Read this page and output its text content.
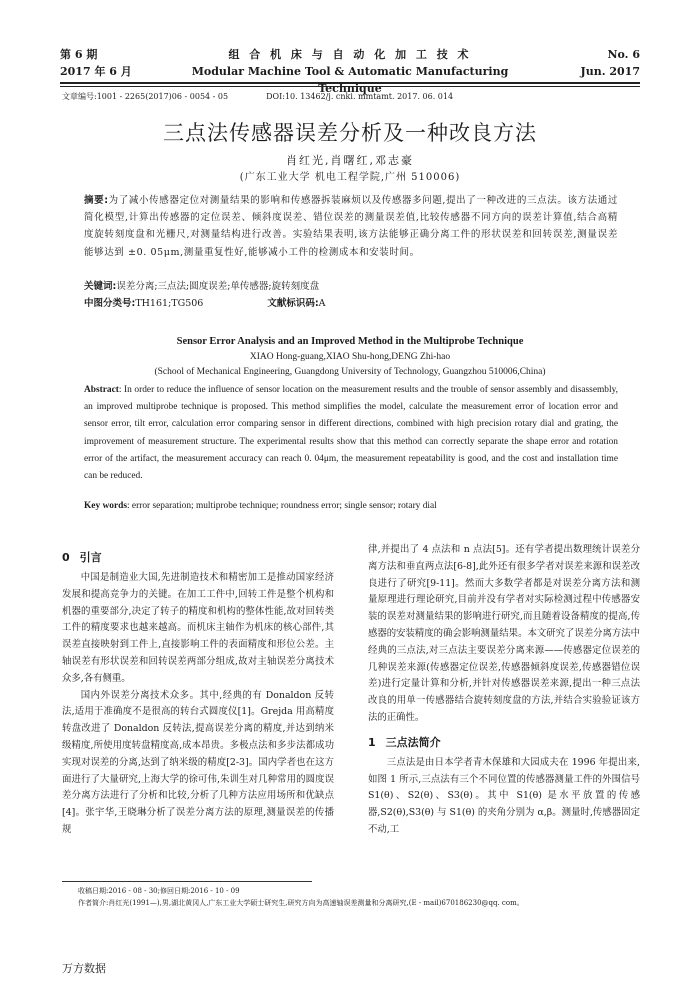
第 6 期
2017 年 6 月
组 合 机 床 与 自 动 化 加 工 技 术
Modular Machine Tool & Automatic Manufacturing Technique
No. 6
Jun. 2017
文章编号:1001 - 2265(2017)06 - 0054 - 05	DOI:10. 13462/j. cnki. mmtamt. 2017. 06. 014
三点法传感器误差分析及一种改良方法
肖红光,肖曙红,邓志豪
(广东工业大学 机电工程学院,广州 510006)
摘要:为了减小传感器定位对测量结果的影响和传感器拆装麻烦以及传感器多问题,提出了一种改进的三点法。该方法通过简化模型,计算出传感器的定位误差、倾斜度误差、错位误差的测量误差值,比较传感器不同方向的误差计算值,结合高精度旋转刻度盘和光栅尺,对测量结构进行改善。实验结果表明,该方法能够正确分离工件的形状误差和回转误差,测量误差能够达到 ±0. 05μm,测量重复性好,能够减小工件的检测成本和安装时间。
关键词:误差分离;三点法;圆度误差;单传感器;旋转刻度盘
中图分类号:TH161;TG506	文献标识码:A
Sensor Error Analysis and an Improved Method in the Multiprobe Technique
XIAO Hong-guang,XIAO Shu-hong,DENG Zhi-hao
(School of Mechanical Engineering, Guangdong University of Technology, Guangzhou 510006,China)
Abstract: In order to reduce the influence of sensor location on the measurement results and the trouble of sensor assembly and disassembly, an improved multiprobe technique is proposed. This method simplifies the model, calculate the measurement error of location error and sensor error, tilt error, calculation error comparing sensor in different directions, combined with high precision rotary dial and grating, the improvement of measurement structure. The experimental results show that this method can correctly separate the shape error and rotation error of the artifact, the measurement accuracy can reach 0. 04μm, the measurement repeatability is good, and the cost and installation time can be reduced.
Key words: error separation; multiprobe technique; roundness error; single sensor; rotary dial
0 引言

中国是制造业大国,先进制造技术和精密加工是推动国家经济发展和提高竞争力的关键。在加工工件中,回转工件是整个机构和机器的重要部分,决定了转子的精度和机构的整体性能,故对回转类工件的精度要求也越来越高。而机床主轴作为机床的核心部件,其误差直接映射到工件上,直接影响工件的表面精度和形位公差。主轴误差有形状误差和回转误差两部分组成,故对主轴误差分离技术众多,各有侧重。

国内外误差分离技术众多。其中,经典的有 Donaldon 反转法,适用于准确度不是很高的转台式圆度仪[1]。Grejda 用高精度转盘改进了 Donaldon 反转法,提高误差分离的精度,并达到纳米级精度,所使用度转盘精度高,成本昂贵。多极点法和多步法都成功实现对误差的分离,达到了纳米级的精度[2-3]。国内学者也在这方面进行了大量研究,上海大学的徐可伟,朱训生对几种常用的圆度误差分离方法进行了分析和比较,分析了几种方法应用场所和优缺点[4]。张宇华,王晓琳分析了误差分离方法的原理,测量误差的传播规

律,并提出了 4 点法和 n 点法[5]。还有学者提出数理统计误差分离方法和垂直两点法[6-8],此外还有很多学者对误差来源和误差改良进行了研究[9-11]。然而大多数学者都是对误差分离方法和测量原理进行理论研究,目前并没有学者对实际检测过程中传感器安装的误差对测量结果的影响进行研究,而且随着设备精度的提高,传感器的安装精度的确会影响测量结果。本文研究了误差分离方法中经典的三点法,对三点法主要误差分离来源——传感器定位误差的几种误差来源(传感器定位误差,传感器倾斜度误差,传感器错位误差)进行定量计算和分析,并针对传感器误差来源,提出一种三点法改良的用单一传感器结合旋转刻度盘的方法,并结合实验验证该方法的正确性。

1 三点法简介

三点法是由日本学者青木保雄和大园成夫在 1996 年提出来,如图 1 所示,三点法有三个不同位置的传感器测量工件的外围信号 S1(θ)、S2(θ)、S3(θ)。其中 S1(θ) 是水平放置的传感器,S2(θ),S3(θ) 与 S1(θ) 的夹角分别为 α,β。测量时,传感器固定不动,工

收稿日期:2016 - 08 - 30;修回日期:2016 - 10 - 09
作者简介:肖红光(1991—),男,湖北黄冈人,广东工业大学硕士研究生,研究方向为高速轴误差测量和分离研究,(E - mail)670186230@qq. com。
万方数据
